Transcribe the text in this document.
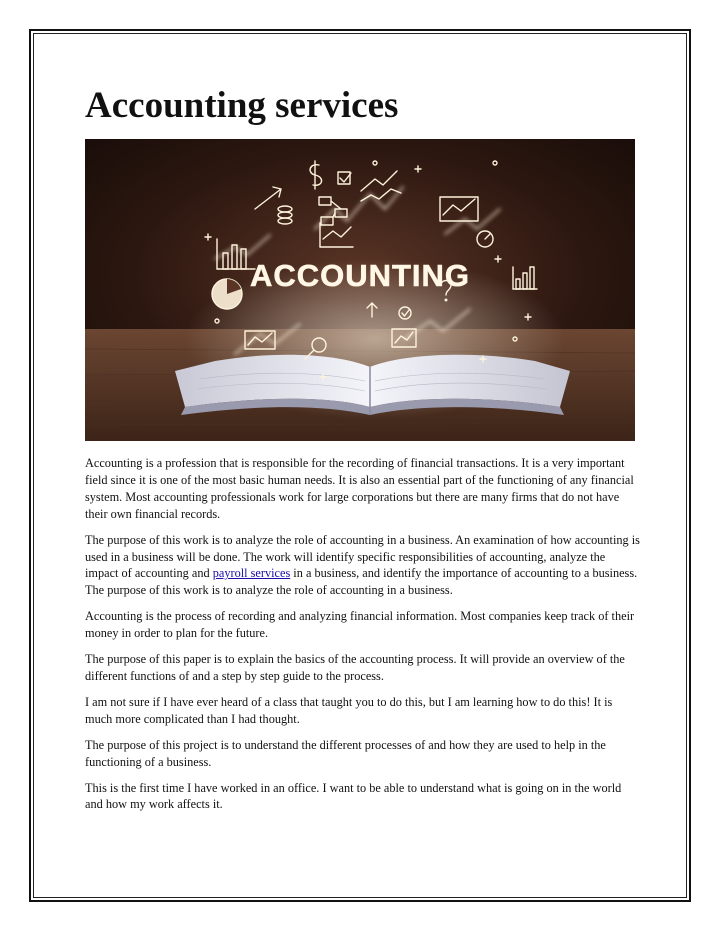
Accounting services
ACCOUNTING

Accounting is a profession that is responsible for the recording of financial transactions. It is a very important field since it is one of the most basic human needs. It is also an essential part of the functioning of any financial system. Most accounting professionals work for large corporations but there are many firms that do not have their own financial records.

The purpose of this work is to analyze the role of accounting in a business. An examination of how accounting is used in a business will be done. The work will identify specific responsibilities of accounting, analyze the impact of accounting and payroll services in a business, and identify the importance of accounting to a business. The purpose of this work is to analyze the role of accounting in a business.

Accounting is the process of recording and analyzing financial information. Most companies keep track of their money in order to plan for the future.

The purpose of this paper is to explain the basics of the accounting process. It will provide an overview of the different functions of and a step by step guide to the process.

I am not sure if I have ever heard of a class that taught you to do this, but I am learning how to do this! It is much more complicated than I had thought.

The purpose of this project is to understand the different processes of and how they are used to help in the functioning of a business.

This is the first time I have worked in an office. I want to be able to understand what is going on in the world and how my work affects it.
